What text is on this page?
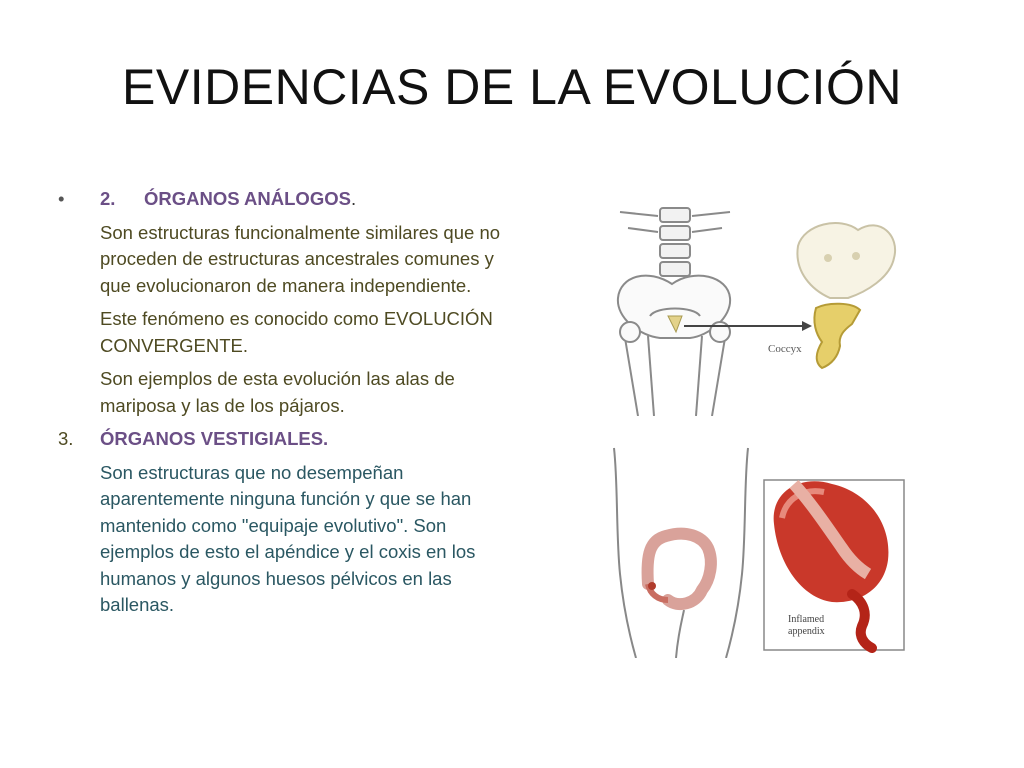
EVIDENCIAS DE LA EVOLUCIÓN
•	2.	ÓRGANOS ANÁLOGOS .
Son estructuras funcionalmente similares que no proceden de estructuras ancestrales comunes y que evolucionaron de manera independiente.
Este fenómeno es conocido como EVOLUCIÓN CONVERGENTE.
Son ejemplos de esta evolución las alas de mariposa y las de los pájaros.
3.	ÓRGANOS VESTIGIALES.
Son estructuras que no desempeñan aparentemente ninguna función y que se han mantenido como "equipaje evolutivo". Son ejemplos de esto el apéndice y el coxis en los humanos y algunos huesos pélvicos en las ballenas.
Coccyx
Inflamed
appendix
